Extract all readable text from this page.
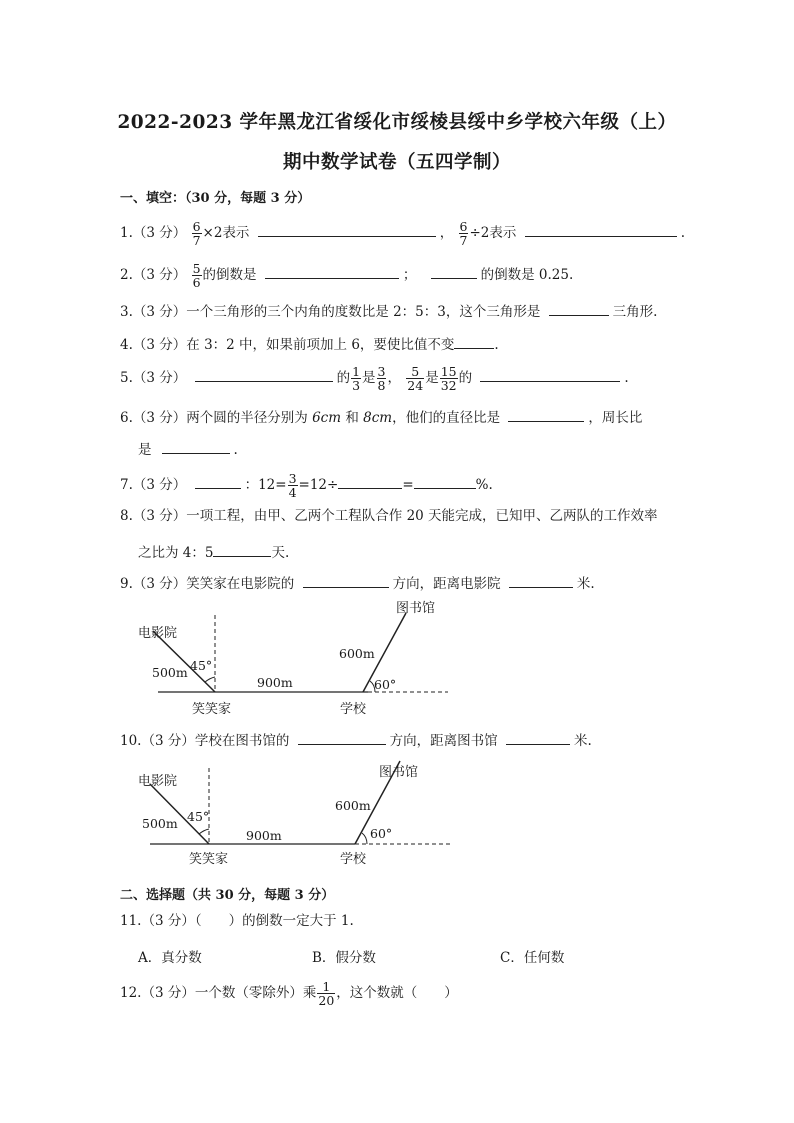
2022-2023 学年黑龙江省绥化市绥棱县绥中乡学校六年级（上）
期中数学试卷（五四学制）
一、填空：（30 分，每题 3 分）
1.（3 分） $\frac{6}{7} \times 2$表示	， $\frac{6}{7} \div 2$表示	.
2.（3 分） $\frac{5}{6}$ 的倒数是	；	的倒数是 0.25.
3.（3 分）一个三角形的三个内角的度数比是 2：5：3，这个三角形是	三角形.
4.（3 分）在 3：2 中，如果前项加上 6，要使比值不变	.
5.（3 分）	的 $\frac{1}{3}$ 是 $\frac{3}{8}$ ， $\frac{5}{24}$ 是 $\frac{15}{32}$ 的	.
6.（3 分）两个圆的半径分别为 6cm 和 8cm，他们的直径比是	，周长比
是	.
7.（3 分）	：$12= \frac{3}{4} =12\div$	=	%.
8.（3 分）一项工程，由甲、乙两个工程队合作 20 天能完成，已知甲、乙两队的工作效率
之比为 4：5	天.
9.（3 分）笑笑家在电影院的	方向，距离电影院	米.
电影院
图书馆
500m 45°
900m
600m
60°
笑笑家	学校
10.（3 分）学校在图书馆的	方向，距离图书馆	米.
电影院
图书馆
500m 45°
900m
600m
60°
笑笑家	学校
二、选择题（共 30 分，每题 3 分）
11.（3 分）（　　）的倒数一定大于 1.
A．真分数	B．假分数	C．任何数
12.（3 分）一个数（零除外）乘 $\frac{1}{20}$ ，这个数就（　　）
